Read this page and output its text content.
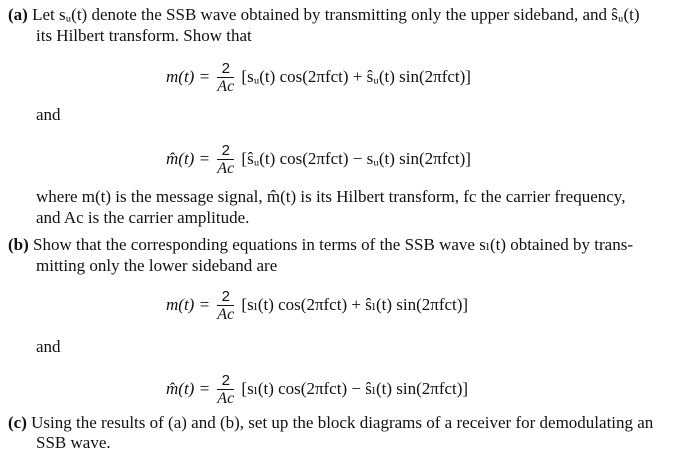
(a) Let sᵤ(t) denote the SSB wave obtained by transmitting only the upper sideband, and ŝᵤ(t)
its Hilbert transform. Show that
$m(t) = \frac{2}{Aс}$ [sᵤ(t) cos(2πfсt) + ŝᵤ(t) sin(2πfсt)]
and
m̂(t) = $\frac{2}{Aс}$ [ŝᵤ(t) cos(2πfсt) − sᵤ(t) sin(2πfсt)]
where m(t) is the message signal, m̂(t) is its Hilbert transform, fс the carrier frequency,
and Aс is the carrier amplitude.
(b) Show that the corresponding equations in terms of the SSB wave sₗ(t) obtained by trans-
mitting only the lower sideband are
$m(t) = \frac{2}{Aс} [s_l(t) \cos(2\pi fсt)$ + ŝₗ(t) sin(2πfсt)]
and
m̂(t) = $\frac{2}{Aс} [s_l(t) \cos(2\pi fсt)$ − ŝₗ(t) sin(2πfсt)]
(c) Using the results of (a) and (b), set up the block diagrams of a receiver for demodulating an
SSB wave.
